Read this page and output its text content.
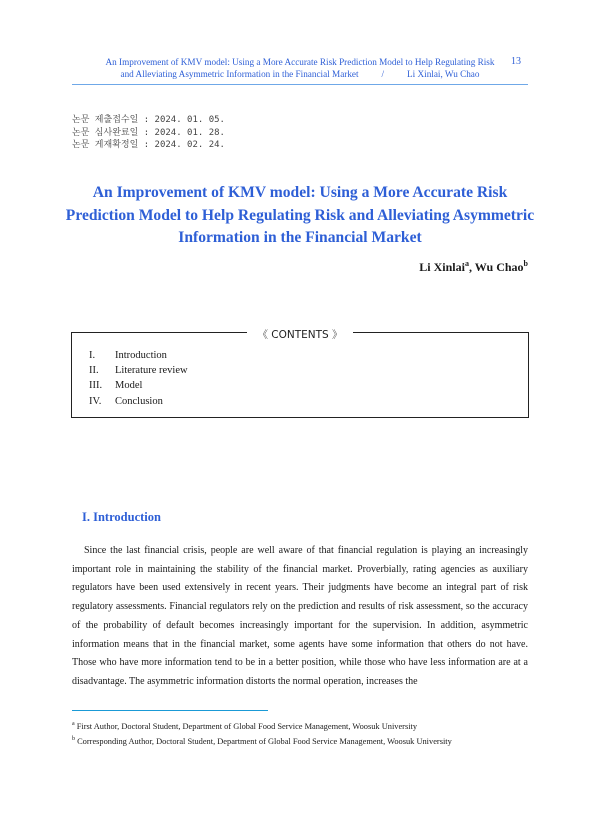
An Improvement of KMV model: Using a More Accurate Risk Prediction Model to Help Regulating Risk
and Alleviating Asymmetric Information in the Financial Market          /          Li Xinlai, Wu Chao
13
논문 제출접수일 : 2024. 01. 05.
논문 심사완료일 : 2024. 01. 28.
논문 게재확정일 : 2024. 02. 24.
An Improvement of KMV model: Using a More Accurate Risk Prediction Model to Help Regulating Risk and Alleviating Asymmetric Information in the Financial Market
Li Xinlai$^a$, Wu Chao$^b$
《 CONTENTS 》
I. Introduction
II. Literature review
III. Model
IV. Conclusion
I. Introduction
Since the last financial crisis, people are well aware of that financial regulation is playing an increasingly important role in maintaining the stability of the financial market. Proverbially, rating agencies as auxiliary regulators have been used extensively in recent years. Their judgments have become an integral part of risk regulatory assessments. Financial regulators rely on the prediction and results of risk assessment, so the accuracy of the probability of default becomes increasingly important for the supervision. In addition, asymmetric information means that in the financial market, some agents have some information that others do not have. Those who have more information tend to be in a better position, while those who have less information are at a disadvantage. The asymmetric information distorts the normal operation, increases the
$^a$ First Author, Doctoral Student, Department of Global Food Service Management, Woosuk University
$^b$ Corresponding Author, Doctoral Student, Department of Global Food Service Management, Woosuk University
